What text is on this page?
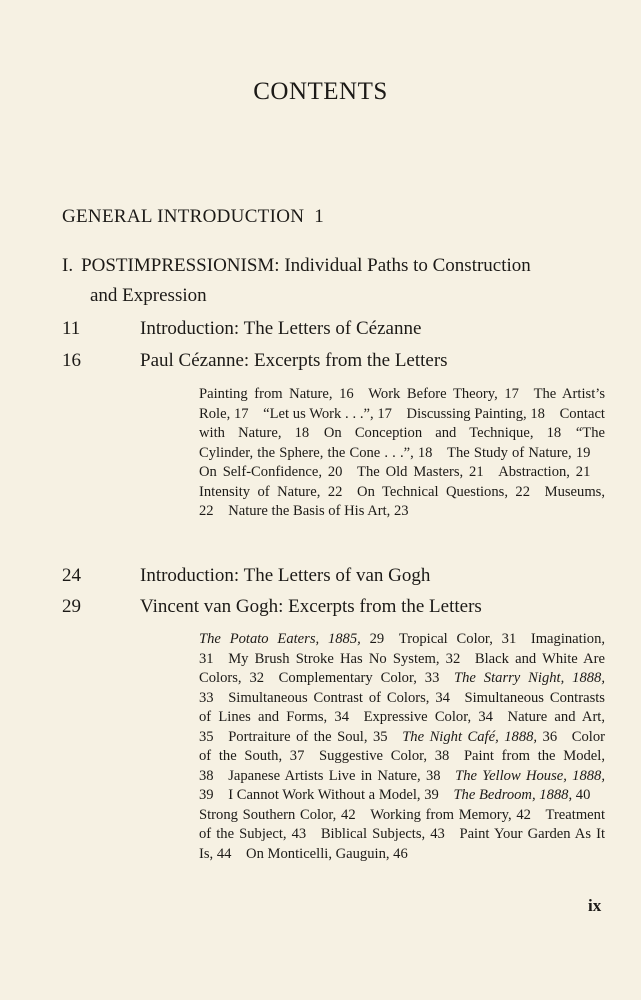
CONTENTS
GENERAL INTRODUCTION 1
I. POSTIMPRESSIONISM: Individual Paths to Construction
and Expression
11	Introduction: The Letters of Cézanne
16	Paul Cézanne: Excerpts from the Letters
Painting from Nature, 16  Work Before Theory, 17  The Artist’s Role, 17  “Let us Work . . .”, 17  Discussing Painting, 18  Contact with Nature, 18  On Conception and Technique, 18  “The Cylinder, the Sphere, the Cone . . .”, 18  The Study of Nature, 19 On Self-Confidence, 20  The Old Masters, 21  Abstraction, 21 Intensity of Nature, 22  On Technical Questions, 22  Museums, 22  Nature the Basis of His Art, 23
24	Introduction: The Letters of van Gogh
29	Vincent van Gogh: Excerpts from the Letters
The Potato Eaters, 1885, 29  Tropical Color, 31  Imagination, 31  My Brush Stroke Has No System, 32  Black and White Are Colors, 32  Complementary Color, 33  The Starry Night, 1888, 33  Simultaneous Contrast of Colors, 34  Simultaneous Contrasts of Lines and Forms, 34  Expressive Color, 34  Nature and Art, 35  Portraiture of the Soul, 35  The Night Café, 1888, 36  Color of the South, 37  Suggestive Color, 38  Paint from the Model, 38  Japanese Artists Live in Nature, 38  The Yellow House, 1888, 39  I Cannot Work Without a Model, 39  The Bedroom, 1888, 40 Strong Southern Color, 42  Working from Memory, 42  Treatment of the Subject, 43  Biblical Subjects, 43  Paint Your Garden As It Is, 44  On Monticelli, Gauguin, 46
ix
